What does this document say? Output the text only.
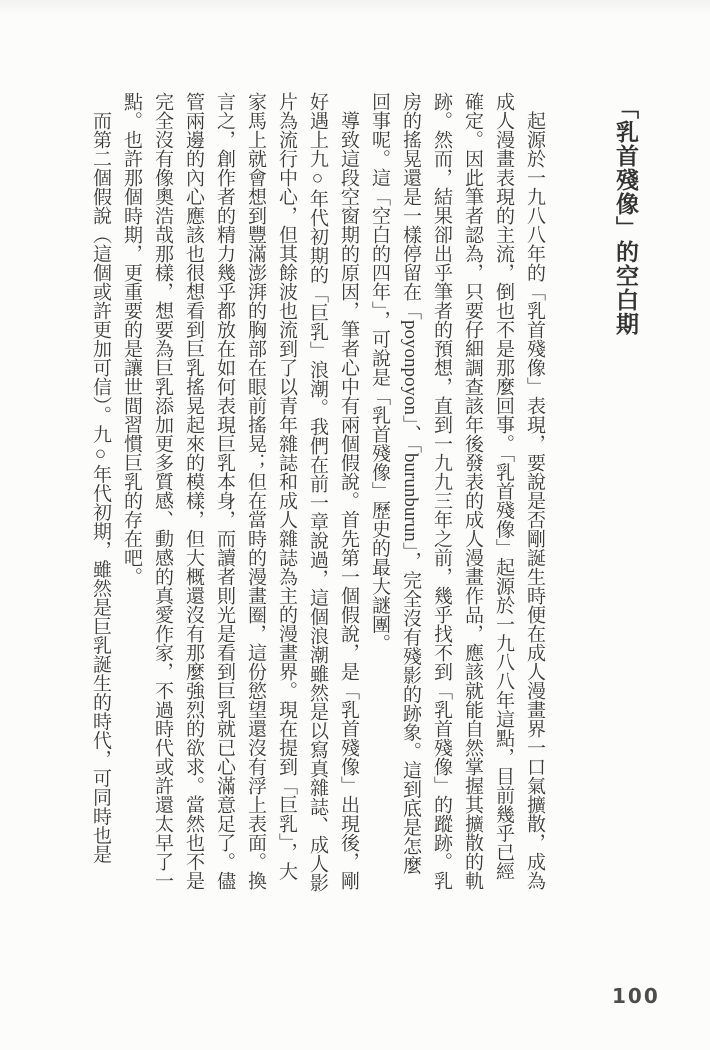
「乳首殘像」的空白期

起源於一九八八年的「乳首殘像」表現，要說是否剛誕生時便在成人漫畫界一口氣擴散，成為成人漫畫表現的主流，倒也不是那麼回事。「乳首殘像」起源於一九八八年這點，目前幾乎已經確定。因此筆者認為，只要仔細調查該年後發表的成人漫畫作品，應該就能自然掌握其擴散的軌跡。然而，結果卻出乎筆者的預想，直到一九九三年之前，幾乎找不到「乳首殘像」的蹤跡。乳房的搖晃還是一樣停留在「poyonpoyon」、「burunburun」，完全沒有殘影的跡象。這到底是怎麼回事呢。這「空白的四年」，可說是「乳首殘像」歷史的最大謎團。

導致這段空窗期的原因，筆者心中有兩個假說。首先第一個假說，是「乳首殘像」出現後，剛好遇上九○年代初期的「巨乳」浪潮。我們在前一章說過，這個浪潮雖然是以寫真雜誌、成人影片為流行中心，但其餘波也流到了以青年雜誌和成人雜誌為主的漫畫界。現在提到「巨乳」，大家馬上就會想到豐滿澎湃的胸部在眼前搖晃；但在當時的漫畫圈，這份慾望還沒有浮上表面。換言之，創作者的精力幾乎都放在如何表現巨乳本身，而讀者則光是看到巨乳就已心滿意足了。儘管兩邊的內心應該也很想看到巨乳搖晃起來的模樣，但大概還沒有那麼強烈的欲求。當然也不是完全沒有像奧浩哉那樣，想要為巨乳添加更多質感、動感的真愛作家，不過時代或許還太早了一點。也許那個時期，更重要的是讓世間習慣巨乳的存在吧。

而第二個假說（這個或許更加可信）。九○年代初期，雖然是巨乳誕生的時代，可同時也是

100
